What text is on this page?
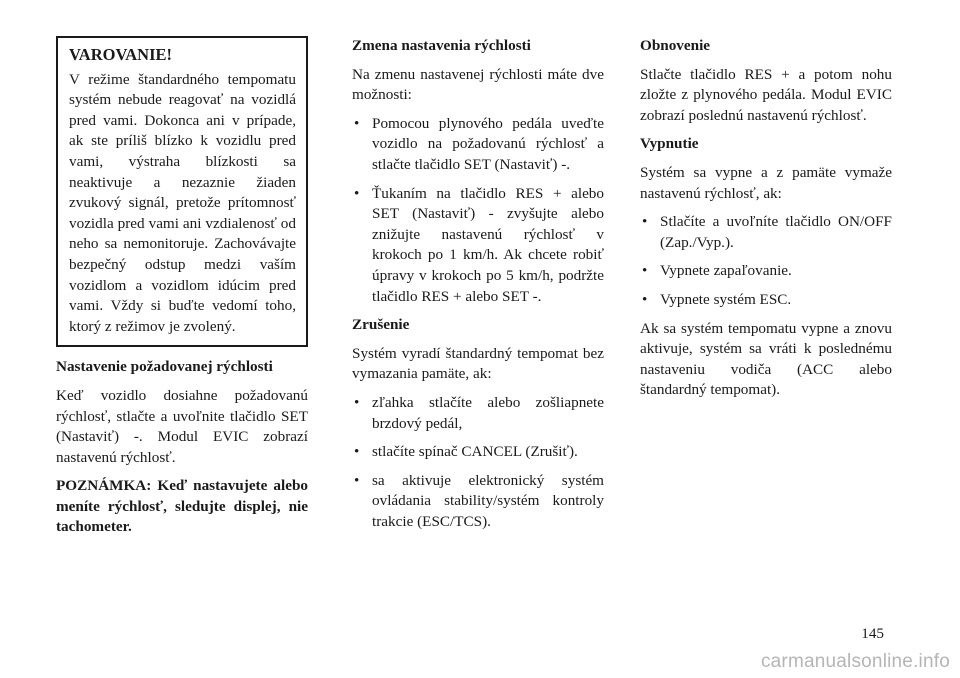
VAROVANIE!

V režime štandardného tempomatu systém nebude reagovať na vozidlá pred vami. Dokonca ani v prípade, ak ste príliš blízko k vozidlu pred vami, výstraha blízkosti sa neaktivuje a nezaznie žiaden zvukový signál, pretože prítomnosť vozidla pred vami ani vzdialenosť od neho sa nemonitoruje. Zachovávajte bezpečný odstup medzi vaším vozidlom a vozidlom idúcim pred vami. Vždy si buďte vedomí toho, ktorý z režimov je zvolený.

Nastavenie požadovanej rýchlosti

Keď vozidlo dosiahne požadovanú rýchlosť, stlačte a uvoľnite tlačidlo SET (Nastaviť) -. Modul EVIC zobrazí nastavenú rýchlosť.

POZNÁMKA: Keď nastavujete alebo meníte rýchlosť, sledujte displej, nie tachometer.

Zmena nastavenia rýchlosti

Na zmenu nastavenej rýchlosti máte dve možnosti:

• Pomocou plynového pedála uveďte vozidlo na požadovanú rýchlosť a stlačte tlačidlo SET (Nastaviť) -.
• Ťukaním na tlačidlo RES + alebo SET (Nastaviť) - zvyšujte alebo znižujte nastavenú rýchlosť v krokoch po 1 km/h. Ak chcete robiť úpravy v krokoch po 5 km/h, podržte tlačidlo RES + alebo SET -.
Zrušenie

Systém vyradí štandardný tempomat bez vymazania pamäte, ak:

• zľahka stlačíte alebo zošliapnete brzdový pedál,
• stlačíte spínač CANCEL (Zrušiť).
• sa aktivuje elektronický systém ovládania stability/systém kontroly trakcie (ESC/TCS).
Obnovenie

Stlačte tlačidlo RES + a potom nohu zložte z plynového pedála. Modul EVIC zobrazí poslednú nastavenú rýchlosť.

Vypnutie

Systém sa vypne a z pamäte vymaže nastavenú rýchlosť, ak:

• Stlačíte a uvoľníte tlačidlo ON/OFF (Zap./Vyp.).
• Vypnete zapaľovanie.
• Vypnete systém ESC.

Ak sa systém tempomatu vypne a znovu aktivuje, systém sa vráti k poslednému nastaveniu vodiča (ACC alebo štandardný tempomat).

145
carmanualsonline.info
